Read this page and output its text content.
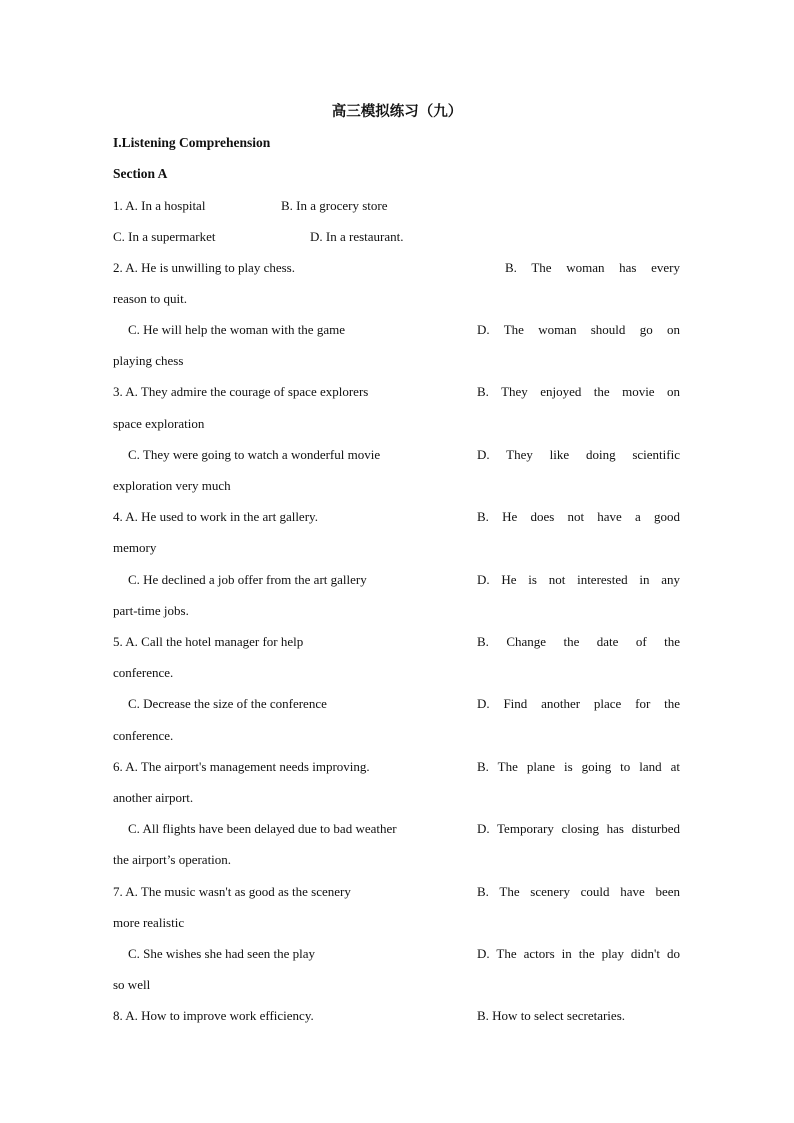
高三模拟练习（九）
I.Listening Comprehension
Section A
1. A. In a hospital	B. In a grocery store
C. In a supermarket	D. In a restaurant.
2. A. He is unwilling to play chess.	B. The woman has every
reason to quit.
C. He will help the woman with the game	D. The woman should go on
playing chess
3. A. They admire the courage of space explorers	B. They enjoyed the movie on
space exploration
C. They were going to watch a wonderful movie	D. They like doing scientific
exploration very much
4. A. He used to work in the art gallery.	B. He does not have a good
memory
C. He declined a job offer from the art gallery	D. He is not interested in any
part-time jobs.
5. A. Call the hotel manager for help	B. Change the date of the
conference.
C. Decrease the size of the conference	D. Find another place for the
conference.
6. A. The airport's management needs improving.	B. The plane is going to land at
another airport.
C. All flights have been delayed due to bad weather	D. Temporary closing has disturbed
the airport’s operation.
7. A. The music wasn't as good as the scenery	B. The scenery could have been
more realistic
C. She wishes she had seen the play	D. The actors in the play didn't do
so well
8. A. How to improve work efficiency.	B. How to select secretaries.
